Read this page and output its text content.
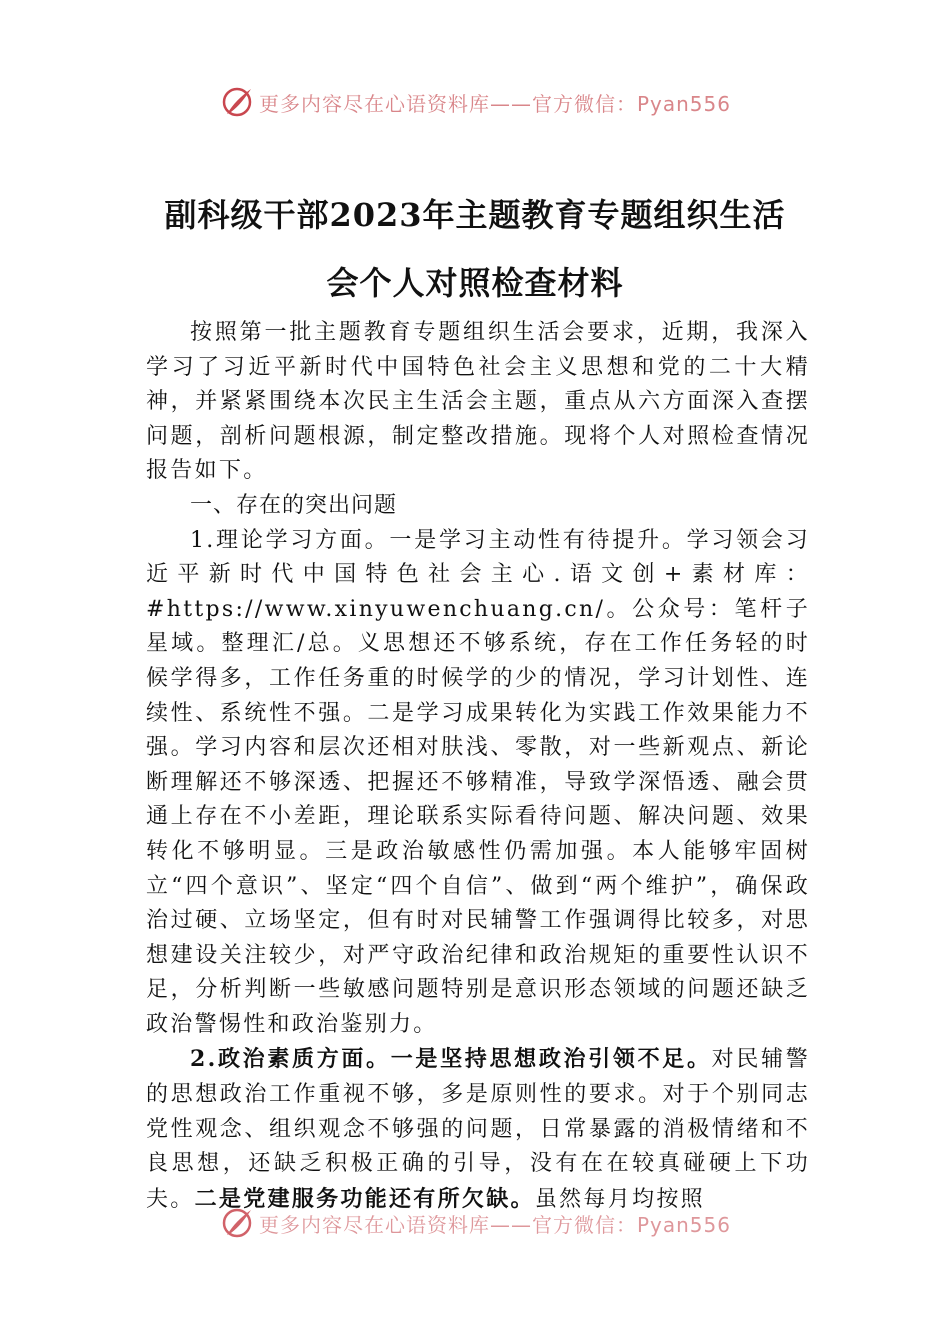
更多内容尽在心语资料库——官方微信：Pyan556
副科级干部2023年主题教育专题组织生活
会个人对照检查材料

按照第一批主题教育专题组织生活会要求，近期，我深入学习了习近平新时代中国特色社会主义思想和党的二十大精神，并紧紧围绕本次民主生活会主题，重点从六方面深入查摆问题，剖析问题根源，制定整改措施。现将个人对照检查情况报告如下。

一、存在的突出问题

1.理论学习方面。一是学习主动性有待提升。学习领会习近平新时代中国特色社会主心.语文创+素材库：#https://www.xinyuwenchuang.cn/。公众号：笔杆子星域。整理汇/总。义思想还不够系统，存在工作任务轻的时候学得多，工作任务重的时候学的少的情况，学习计划性、连续性、系统性不强。二是学习成果转化为实践工作效果能力不强。学习内容和层次还相对肤浅、零散，对一些新观点、新论断理解还不够深透、把握还不够精准，导致学深悟透、融会贯通上存在不小差距，理论联系实际看待问题、解决问题、效果转化不够明显。三是政治敏感性仍需加强。本人能够牢固树立“四个意识”、坚定“四个自信”、做到“两个维护”，确保政治过硬、立场坚定，但有时对民辅警工作强调得比较多，对思想建设关注较少，对严守政治纪律和政治规矩的重要性认识不足，分析判断一些敏感问题特别是意识形态领域的问题还缺乏政治警惕性和政治鉴别力。

2.政治素质方面。一是坚持思想政治引领不足。对民辅警的思想政治工作重视不够，多是原则性的要求。对于个别同志党性观念、组织观念不够强的问题，日常暴露的消极情绪和不良思想，还缺乏积极正确的引导，没有在在较真碰硬上下功夫。二是党建服务功能还有所欠缺。虽然每月均按照

更多内容尽在心语资料库——官方微信：Pyan556
